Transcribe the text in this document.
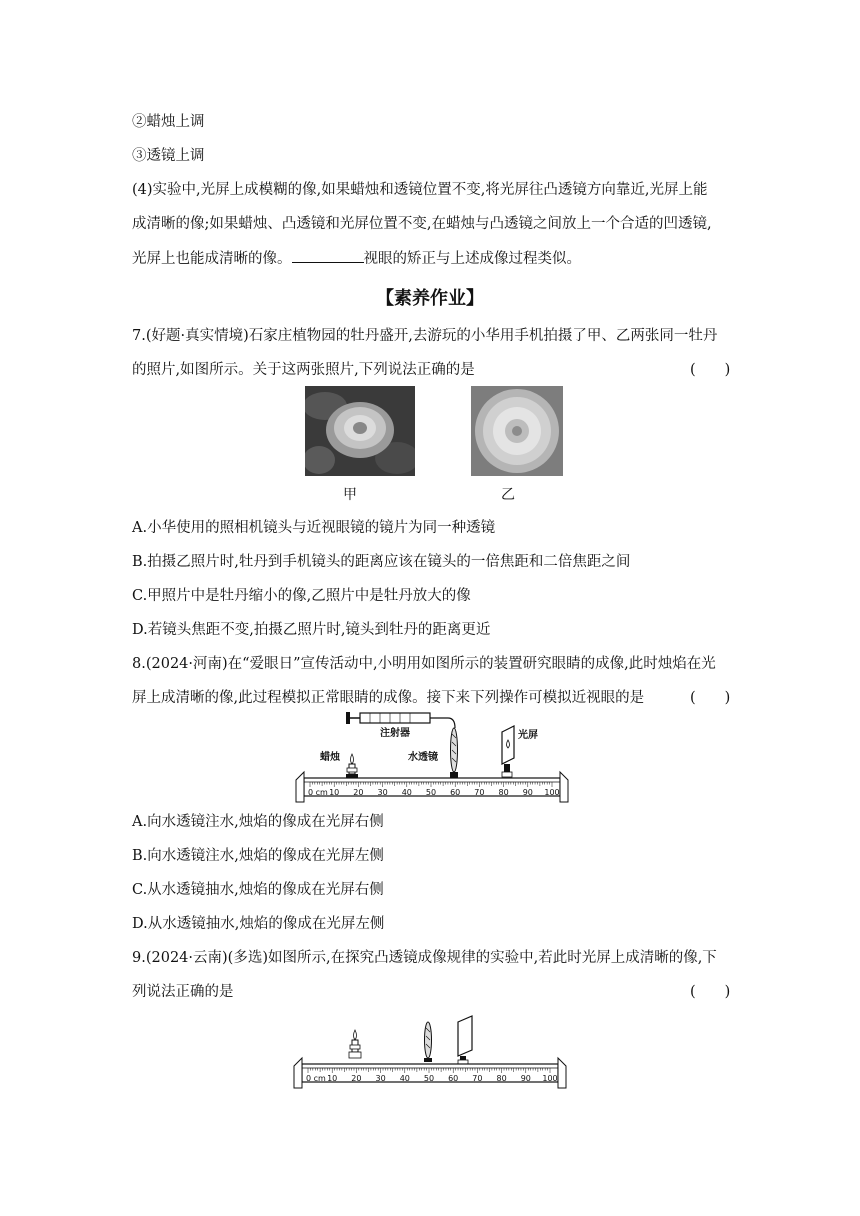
②蜡烛上调
③透镜上调
(4)实验中,光屏上成模糊的像,如果蜡烛和透镜位置不变,将光屏往凸透镜方向靠近,光屏上能
成清晰的像;如果蜡烛、凸透镜和光屏位置不变,在蜡烛与凸透镜之间放上一个合适的凹透镜,
光屏上也能成清晰的像。	视眼的矫正与上述成像过程类似。
【素养作业】
7.(好题·真实情境)石家庄植物园的牡丹盛开,去游玩的小华用手机拍摄了甲、乙两张同一牡丹
的照片,如图所示。关于这两张照片,下列说法正确的是	(　　)
甲	乙
A.小华使用的照相机镜头与近视眼镜的镜片为同一种透镜
B.拍摄乙照片时,牡丹到手机镜头的距离应该在镜头的一倍焦距和二倍焦距之间
C.甲照片中是牡丹缩小的像,乙照片中是牡丹放大的像
D.若镜头焦距不变,拍摄乙照片时,镜头到牡丹的距离更近
8.(2024·河南)在“爱眼日”宣传活动中,小明用如图所示的装置研究眼睛的成像,此时烛焰在光
屏上成清晰的像,此过程模拟正常眼睛的成像。接下来下列操作可模拟近视眼的是	(　　)
注射器
蜡烛	水透镜
光屏
0 cm 10 20 30 40 50 60 70 80 90 100
A.向水透镜注水,烛焰的像成在光屏右侧
B.向水透镜注水,烛焰的像成在光屏左侧
C.从水透镜抽水,烛焰的像成在光屏右侧
D.从水透镜抽水,烛焰的像成在光屏左侧
9.(2024·云南)(多选)如图所示,在探究凸透镜成像规律的实验中,若此时光屏上成清晰的像,下
列说法正确的是	(　　)
0 cm 10 20 30 40 50 60 70 80 90 100
